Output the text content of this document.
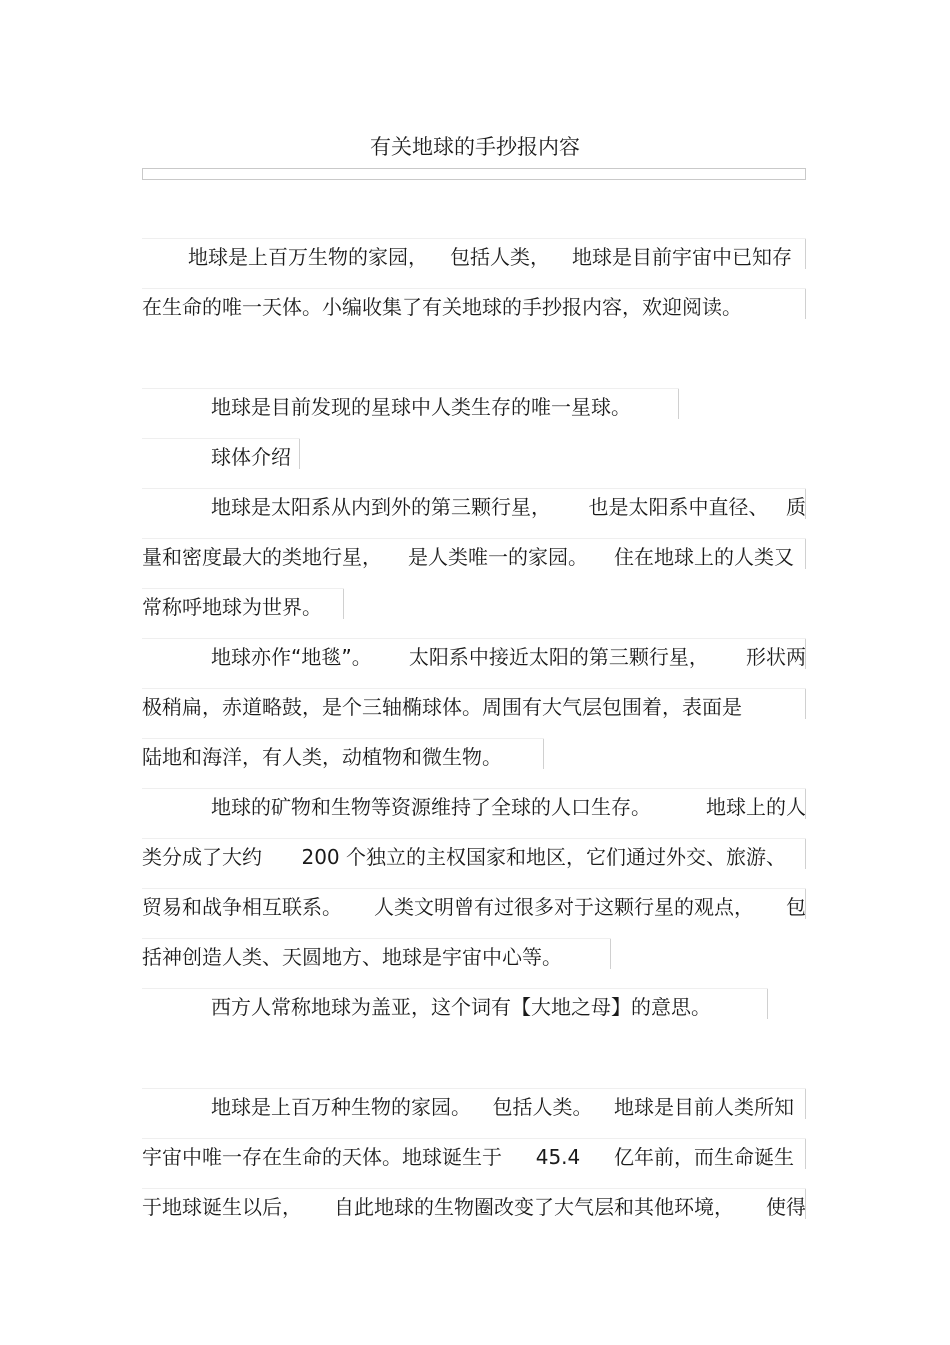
有关地球的手抄报内容
地球是上百万生物的家园， 包括人类， 地球是目前宇宙中已知存
在生命的唯一天体。小编收集了有关地球的手抄报内容，欢迎阅读。
地球是目前发现的星球中人类生存的唯一星球。
球体介绍
地球是太阳系从内到外的第三颗行星， 也是太阳系中直径、 质
量和密度最大的类地行星， 是人类唯一的家园。 住在地球上的人类又
常称呼地球为世界。
地球亦作“地毯”。 太阳系中接近太阳的第三颗行星， 形状两
极稍扁，赤道略鼓，是个三轴椭球体。周围有大气层包围着，表面是
陆地和海洋，有人类，动植物和微生物。
地球的矿物和生物等资源维持了全球的人口生存。	地球上的人
类分成了大约 200 个独立的主权国家和地区，它们通过外交、旅游、
贸易和战争相互联系。 人类文明曾有过很多对于这颗行星的观点， 包
括神创造人类、天圆地方、地球是宇宙中心等。
西方人常称地球为盖亚，这个词有【大地之母】的意思。
地球是上百万种生物的家园。 包括人类。 地球是目前人类所知
宇宙中唯一存在生命的天体。地球诞生于 45.4 亿年前，而生命诞生
于地球诞生以后， 自此地球的生物圈改变了大气层和其他环境， 使得
